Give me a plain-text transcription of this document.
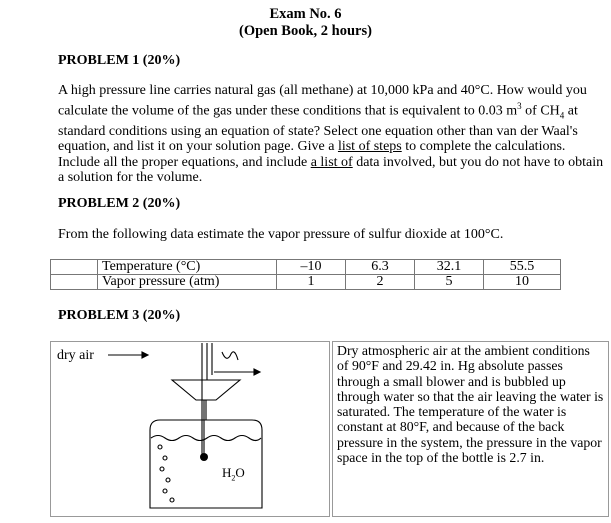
Exam No. 6
(Open Book, 2 hours)
PROBLEM 1 (20%)
A high pressure line carries natural gas (all methane) at 10,000 kPa and 40°C. How would you calculate the volume of the gas under these conditions that is equivalent to 0.03 $m^3$ of $CH_4$ at standard conditions using an equation of state? Select one equation other than van der Waal's equation, and list it on your solution page. Give a list of steps to complete the calculations. Include all the proper equations, and include a list of data involved, but you do not have to obtain a solution for the volume.
PROBLEM 2 (20%)
From the following data estimate the vapor pressure of sulfur dioxide at 100°C.
	Temperature (°C)	–10	6.3	32.1	55.5
	Vapor pressure (atm)	1	2	5	10
PROBLEM 3 (20%)
dry air
$H_2O$
Dry atmospheric air at the ambient conditions of 90°F and 29.42 in. Hg absolute passes through a small blower and is bubbled up through water so that the air leaving the water is saturated. The temperature of the water is constant at 80°F, and because of the back pressure in the system, the pressure in the vapor space in the top of the bottle is 2.7 in.
